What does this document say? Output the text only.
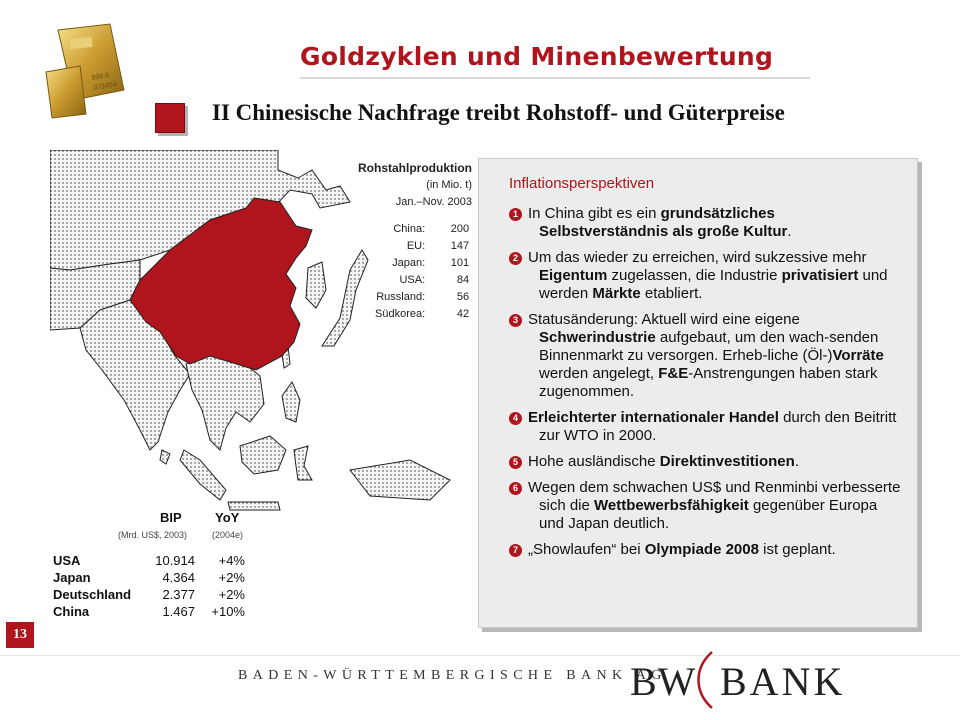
999.9
072454
Goldzyklen und Minenbewertung
II Chinesische Nachfrage treibt Rohstoff- und Güterpreise
Rohstahlproduktion
(in Mio. t)
Jan.–Nov. 2003
China:	200
EU:	147
Japan:	101
USA:	84
Russland:	56
Südkorea:	42
BIP	YoY
(Mrd. US$, 2003)	(2004e)
USA	10.914	+4%
Japan	4.364	+2%
Deutschland	2.377	+2%
China	1.467	+10%
Inflationsperspektiven
1 In China gibt es ein grundsätzliches Selbstverständnis als große Kultur.
2 Um das wieder zu erreichen, wird sukzessive mehr Eigentum zugelassen, die Industrie privatisiert und werden Märkte etabliert.
3 Statusänderung: Aktuell wird eine eigene Schwerindustrie aufgebaut, um den wach-senden Binnenmarkt zu versorgen. Erheb-liche (Öl-)Vorräte werden angelegt, F&E-Anstrengungen haben stark zugenommen.
4 Erleichterter internationaler Handel durch den Beitritt zur WTO in 2000.
5 Hohe ausländische Direktinvestitionen.
6 Wegen dem schwachen US$ und Renminbi verbesserte sich die Wettbewerbsfähigkeit gegenüber Europa und Japan deutlich.
7 „Showlaufen“ bei Olympiade 2008 ist geplant.
13
BADEN-WÜRTTEMBERGISCHE BANK AG
BW BANK
